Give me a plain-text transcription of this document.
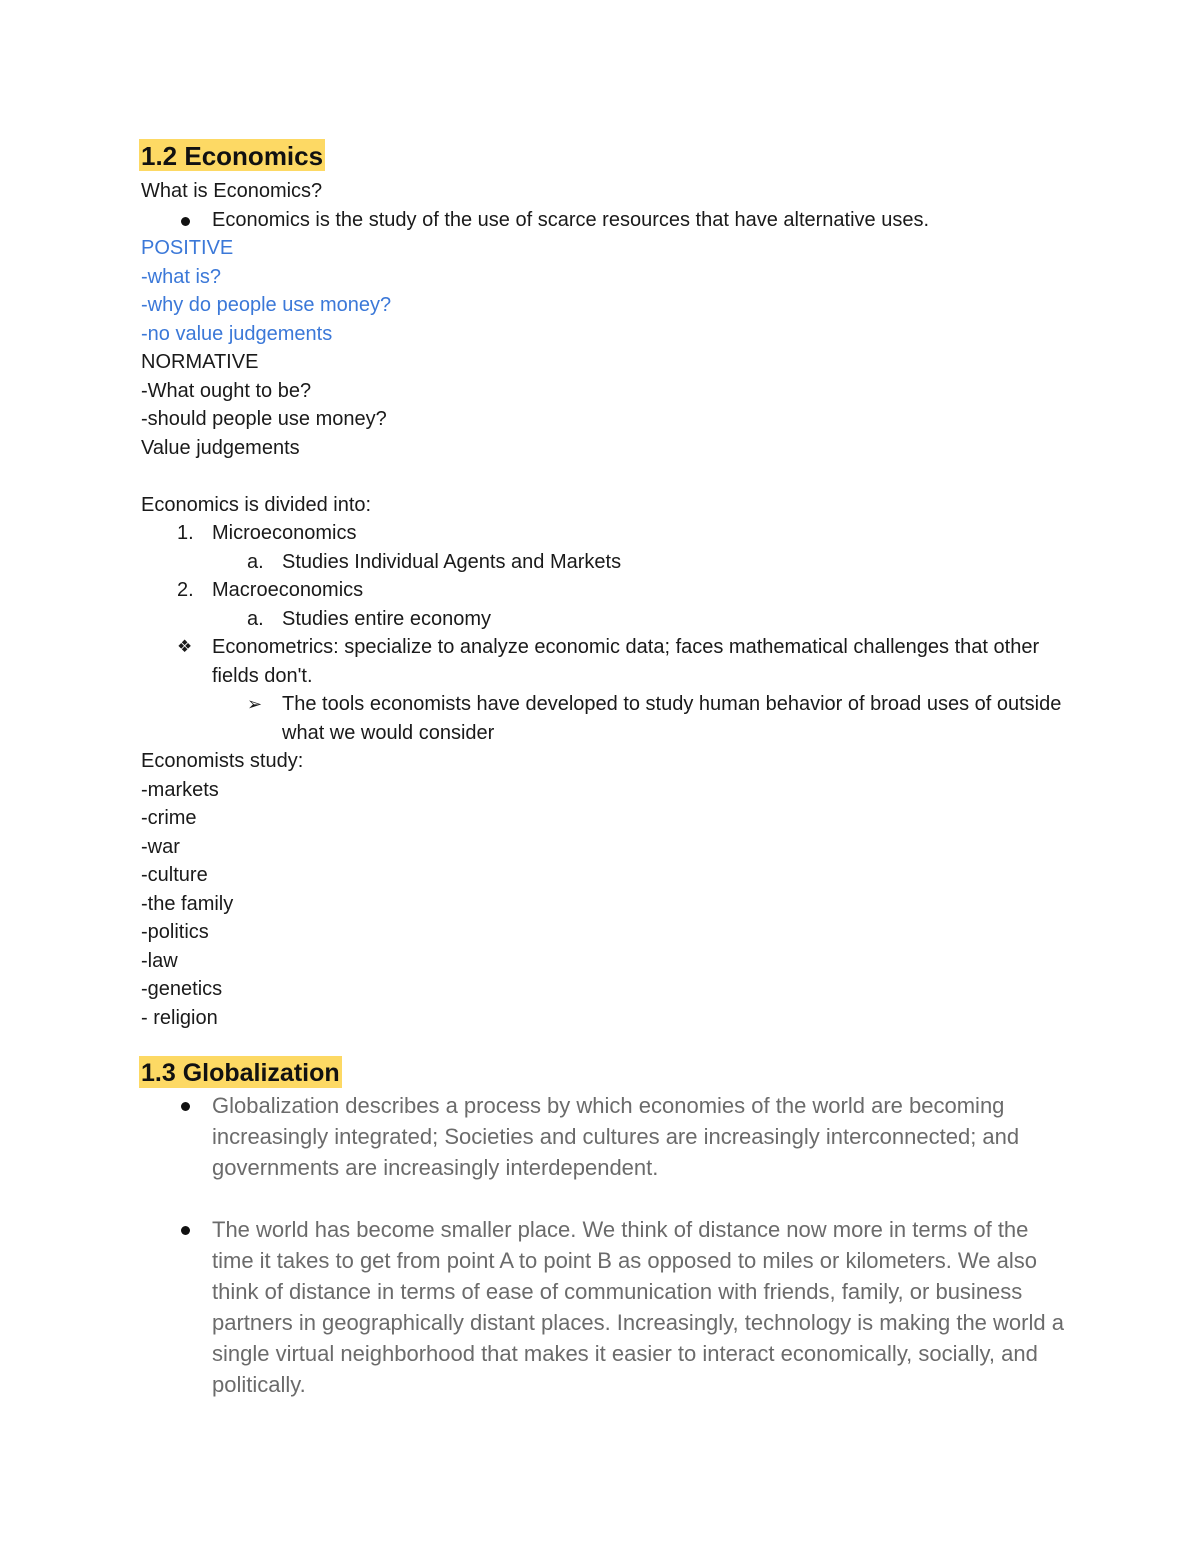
1.2 Economics
What is Economics?
Economics is the study of the use of scarce resources that have alternative uses.
POSITIVE
-what is?
-why do people use money?
-no value judgements
NORMATIVE
-What ought to be?
-should people use money?
Value judgements
Economics is divided into:
1. Microeconomics
a. Studies Individual Agents and Markets
2. Macroeconomics
a. Studies entire economy
❖ Econometrics: specialize to analyze economic data; faces mathematical challenges that other fields don't.
➢ The tools economists have developed to study human behavior of broad uses of outside what we would consider
Economists study:
-markets
-crime
-war
-culture
-the family
-politics
-law
-genetics
- religion
1.3 Globalization
Globalization describes a process by which economies of the world are becoming increasingly integrated; Societies and cultures are increasingly interconnected; and governments are increasingly interdependent.
The world has become smaller place. We think of distance now more in terms of the time it takes to get from point A to point B as opposed to miles or kilometers. We also think of distance in terms of ease of communication with friends, family, or business partners in geographically distant places. Increasingly, technology is making the world a single virtual neighborhood that makes it easier to interact economically, socially, and politically.
